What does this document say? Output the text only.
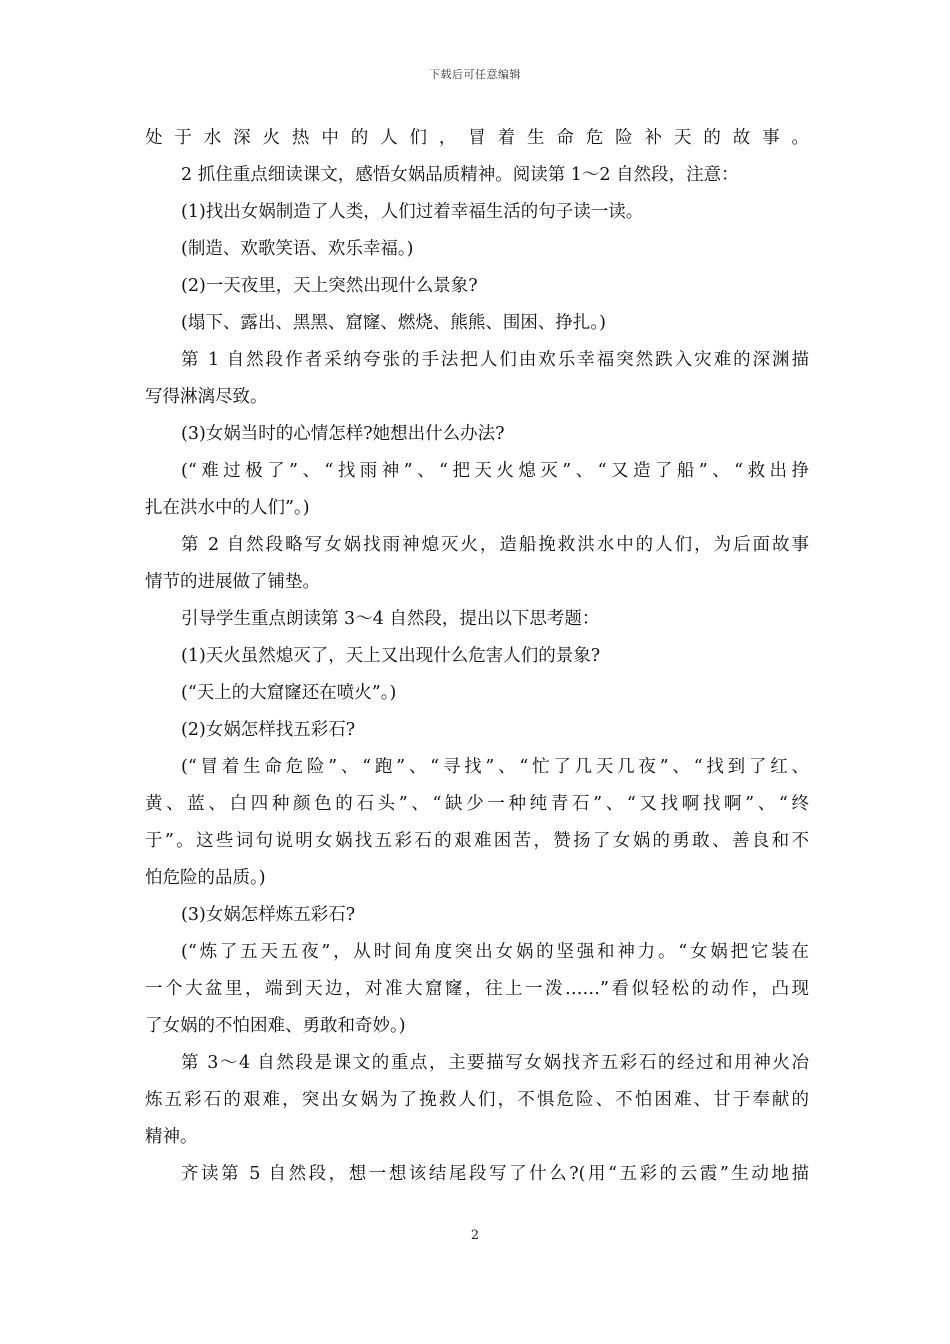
下载后可任意编辑
处于水深火热中的人们，冒着生命危险补天的故事。
2 抓住重点细读课文，感悟女娲品质精神。阅读第 1～2 自然段，注意：
(1)找出女娲制造了人类，人们过着幸福生活的句子读一读。
(制造、欢歌笑语、欢乐幸福。)
(2)一天夜里，天上突然出现什么景象?
(塌下、露出、黑黑、窟窿、燃烧、熊熊、围困、挣扎。)
第 1 自然段作者采纳夸张的手法把人们由欢乐幸福突然跌入灾难的深渊描
写得淋漓尽致。
(3)女娲当时的心情怎样?她想出什么办法?
(“难过极了”、“找雨神”、“把天火熄灭”、“又造了船”、“救出挣
扎在洪水中的人们”。)
第 2 自然段略写女娲找雨神熄灭火，造船挽救洪水中的人们，为后面故事
情节的进展做了铺垫。
引导学生重点朗读第 3～4 自然段，提出以下思考题：
(1)天火虽然熄灭了，天上又出现什么危害人们的景象?
(“天上的大窟窿还在喷火”。)
(2)女娲怎样找五彩石?
(“冒着生命危险”、“跑”、“寻找”、“忙了几天几夜”、“找到了红、
黄、蓝、白四种颜色的石头”、“缺少一种纯青石”、“又找啊找啊”、“终
于”。这些词句说明女娲找五彩石的艰难困苦，赞扬了女娲的勇敢、善良和不
怕危险的品质。)
(3)女娲怎样炼五彩石?
(“炼了五天五夜”，从时间角度突出女娲的坚强和神力。“女娲把它装在
一个大盆里，端到天边，对准大窟窿，往上一泼……”看似轻松的动作，凸现
了女娲的不怕困难、勇敢和奇妙。)
第 3～4 自然段是课文的重点，主要描写女娲找齐五彩石的经过和用神火冶
炼五彩石的艰难，突出女娲为了挽救人们，不惧危险、不怕困难、甘于奉献的
精神。
齐读第 5 自然段，想一想该结尾段写了什么?(用“五彩的云霞”生动地描
2
